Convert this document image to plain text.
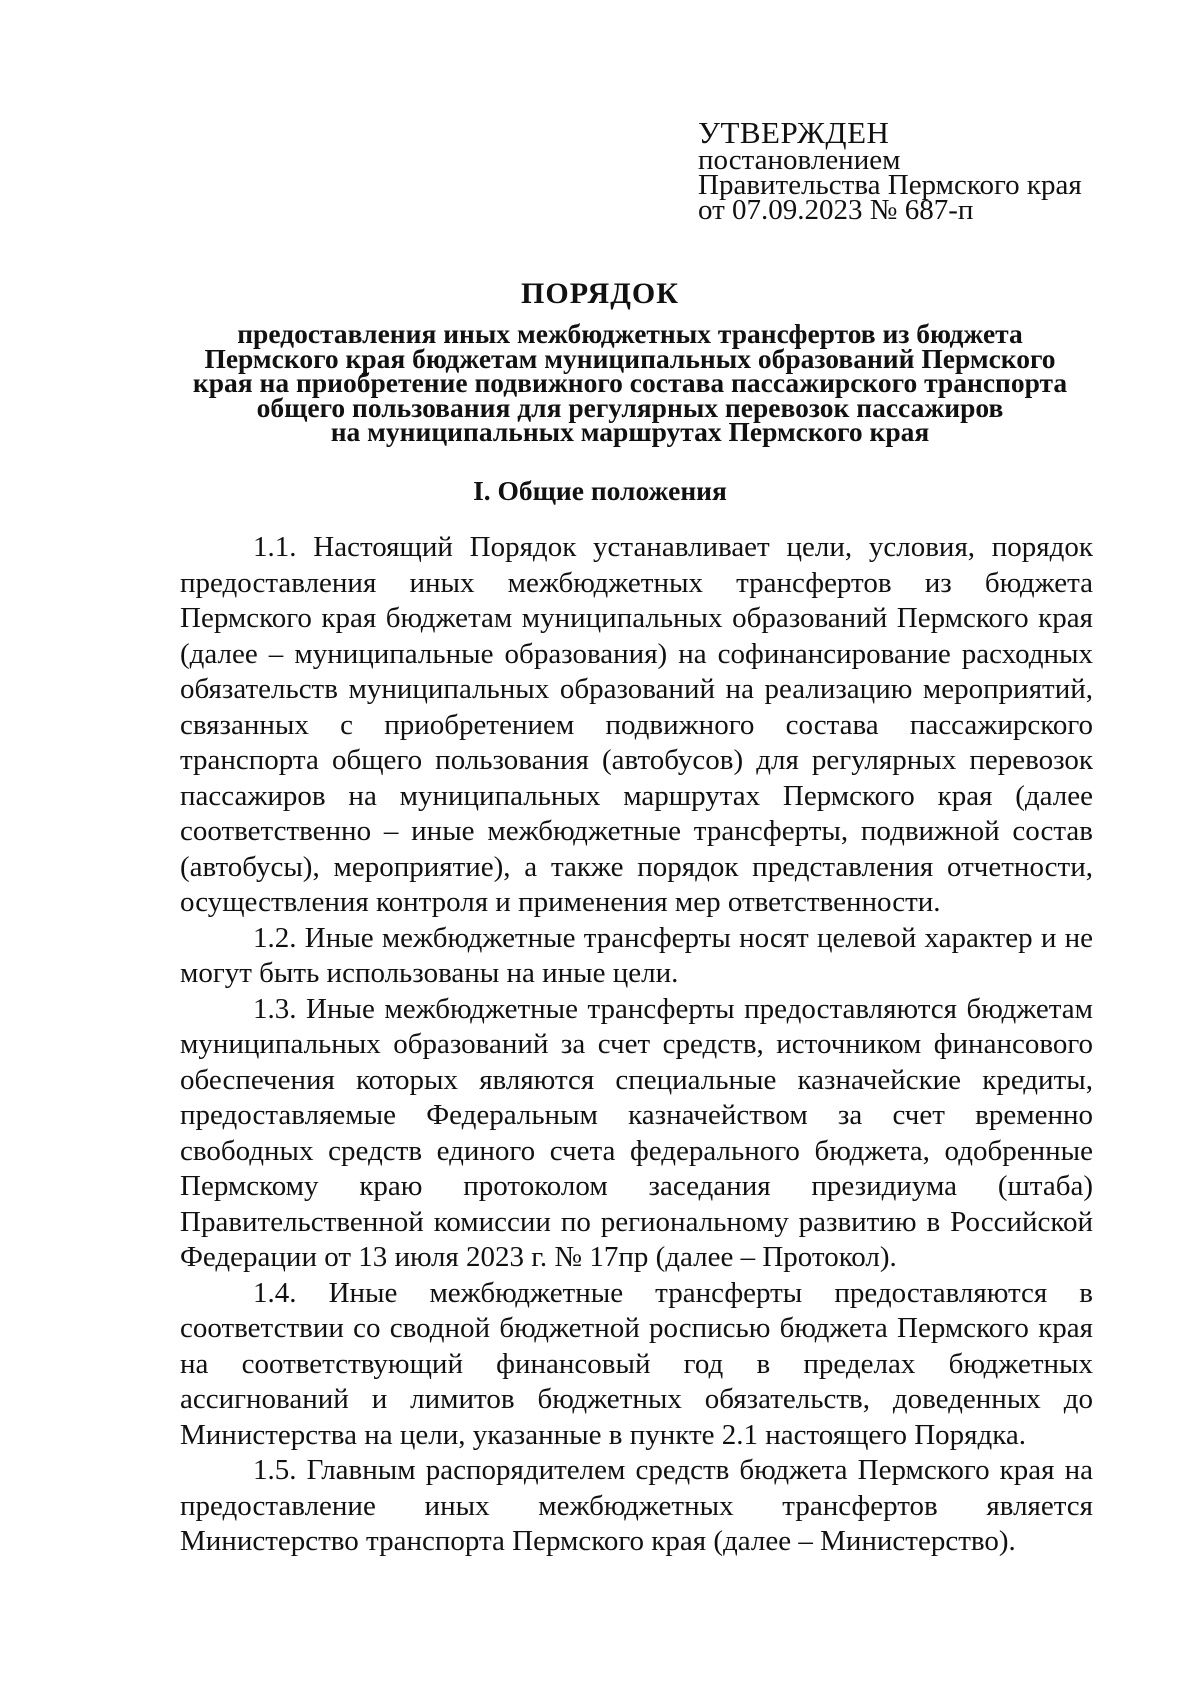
УТВЕРЖДЕН
постановлением
Правительства Пермского края
от 07.09.2023 № 687-п
ПОРЯДОК
предоставления иных межбюджетных трансфертов из бюджета
Пермского края бюджетам муниципальных образований Пермского
края на приобретение подвижного состава пассажирского транспорта
общего пользования для регулярных перевозок пассажиров
на муниципальных маршрутах Пермского края
I. Общие положения

1.1. Настоящий Порядок устанавливает цели, условия, порядок предоставления иных межбюджетных трансфертов из бюджета Пермского края бюджетам муниципальных образований Пермского края (далее – муниципальные образования) на софинансирование расходных обязательств муниципальных образований на реализацию мероприятий, связанных с приобретением подвижного состава пассажирского транспорта общего пользования (автобусов) для регулярных перевозок пассажиров на муниципальных маршрутах Пермского края (далее соответственно – иные межбюджетные трансферты, подвижной состав (автобусы), мероприятие), а также порядок представления отчетности, осуществления контроля и применения мер ответственности.

1.2. Иные межбюджетные трансферты носят целевой характер и не могут быть использованы на иные цели.

1.3. Иные межбюджетные трансферты предоставляются бюджетам муниципальных образований за счет средств, источником финансового обеспечения которых являются специальные казначейские кредиты, предоставляемые Федеральным казначейством за счет временно свободных средств единого счета федерального бюджета, одобренные Пермскому краю протоколом заседания президиума (штаба) Правительственной комиссии по региональному развитию в Российской Федерации от 13 июля 2023 г. № 17пр (далее – Протокол).

1.4. Иные межбюджетные трансферты предоставляются в соответствии со сводной бюджетной росписью бюджета Пермского края на соответствующий финансовый год в пределах бюджетных ассигнований и лимитов бюджетных обязательств, доведенных до Министерства на цели, указанные в пункте 2.1 настоящего Порядка.

1.5. Главным распорядителем средств бюджета Пермского края на предоставление иных межбюджетных трансфертов является Министерство транспорта Пермского края (далее – Министерство).
